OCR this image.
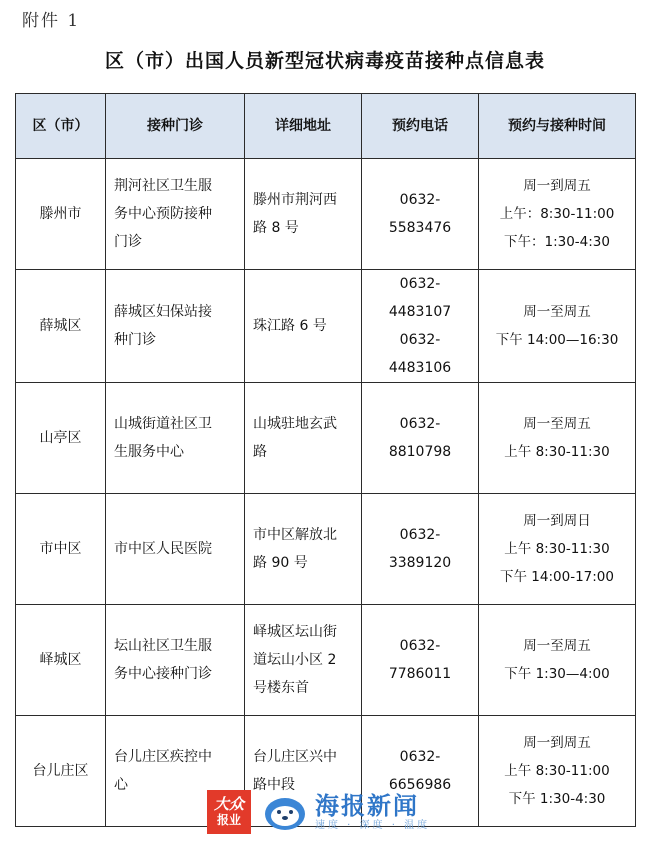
附件 1
区（市）出国人员新型冠状病毒疫苗接种点信息表
区（市）	接种门诊	详细地址	预约电话	预约与接种时间
滕州市	荆河社区卫生服
务中心预防接种
门诊	滕州市荆河西
路 8 号	0632-5583476	周一到周五
上午：8:30-11:00
下午：1:30-4:30

薛城区	薛城区妇保站接
种门诊	珠江路 6 号	0632-4483107
0632-4483106	周一至周五
下午 14:00—16:30

山亭区	山城街道社区卫
生服务中心	山城驻地玄武
路	0632-8810798	周一至周五
上午 8:30-11:30

市中区	市中区人民医院	市中区解放北
路 90 号	0632-3389120	周一到周日
上午 8:30-11:30
下午 14:00-17:00

峄城区	坛山社区卫生服
务中心接种门诊	峄城区坛山街
道坛山小区 2
号楼东首	0632-7786011	周一至周五
下午 1:30—4:00

台儿庄区	台儿庄区疾控中
心	台儿庄区兴中
路中段	0632-6656986	周一到周五
上午 8:30-11:00
下午 1:30-4:30
大众
报业	海报新闻
速度 · 深度 · 温度
